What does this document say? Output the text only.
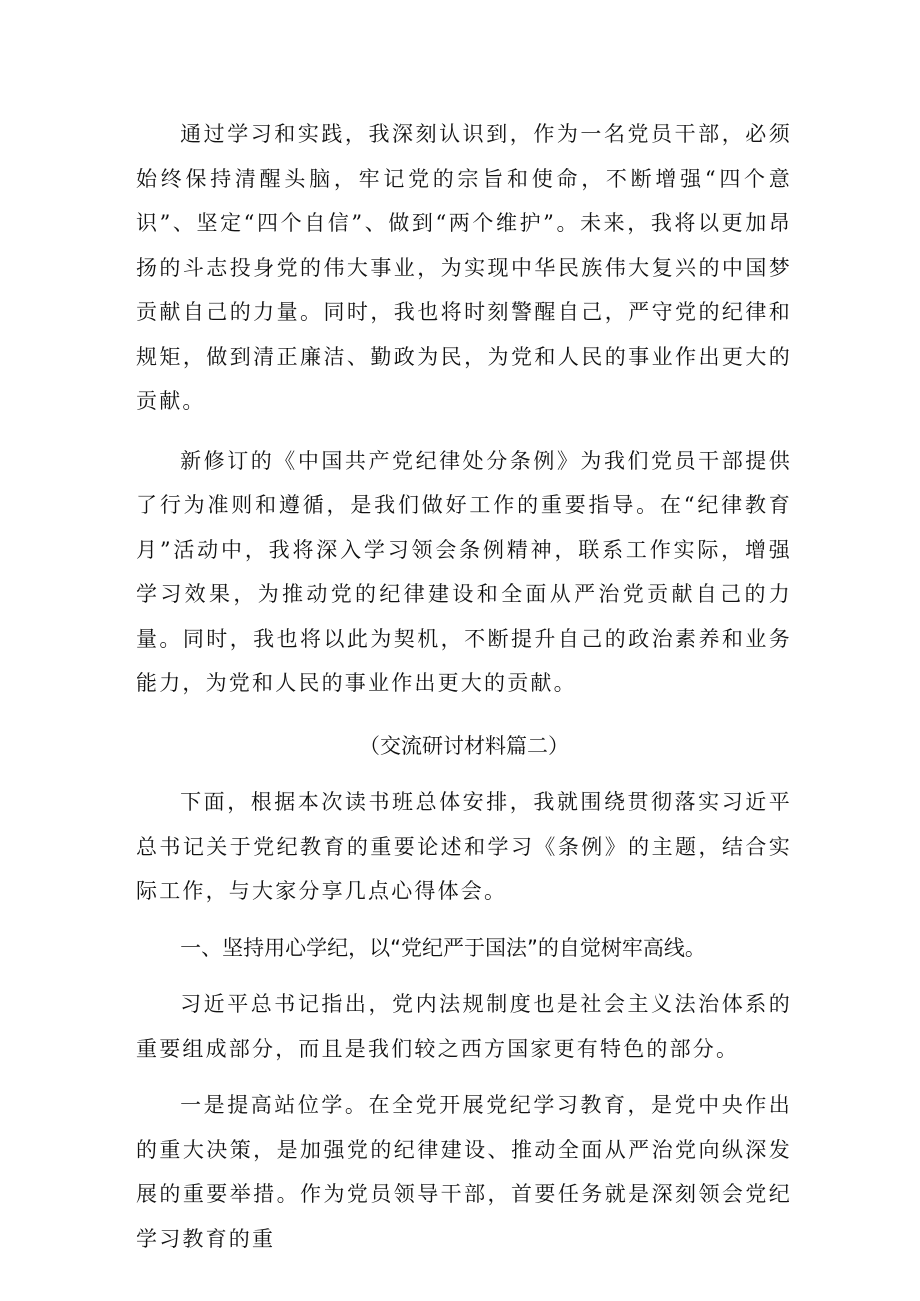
通过学习和实践，我深刻认识到，作为一名党员干部，必须始终保持清醒头脑，牢记党的宗旨和使命，不断增强“四个意识”、坚定“四个自信”、做到“两个维护”。未来，我将以更加昂扬的斗志投身党的伟大事业，为实现中华民族伟大复兴的中国梦贡献自己的力量。同时，我也将时刻警醒自己，严守党的纪律和规矩，做到清正廉洁、勤政为民，为党和人民的事业作出更大的贡献。

新修订的《中国共产党纪律处分条例》为我们党员干部提供了行为准则和遵循，是我们做好工作的重要指导。在“纪律教育月”活动中，我将深入学习领会条例精神，联系工作实际，增强学习效果，为推动党的纪律建设和全面从严治党贡献自己的力量。同时，我也将以此为契机，不断提升自己的政治素养和业务能力，为党和人民的事业作出更大的贡献。

（交流研讨材料篇二）

下面，根据本次读书班总体安排，我就围绕贯彻落实习近平总书记关于党纪教育的重要论述和学习《条例》的主题，结合实际工作，与大家分享几点心得体会。

一、坚持用心学纪，以“党纪严于国法”的自觉树牢高线。

习近平总书记指出，党内法规制度也是社会主义法治体系的重要组成部分，而且是我们较之西方国家更有特色的部分。

一是提高站位学。在全党开展党纪学习教育，是党中央作出的重大决策，是加强党的纪律建设、推动全面从严治党向纵深发展的重要举措。作为党员领导干部，首要任务就是深刻领会党纪学习教育的重
